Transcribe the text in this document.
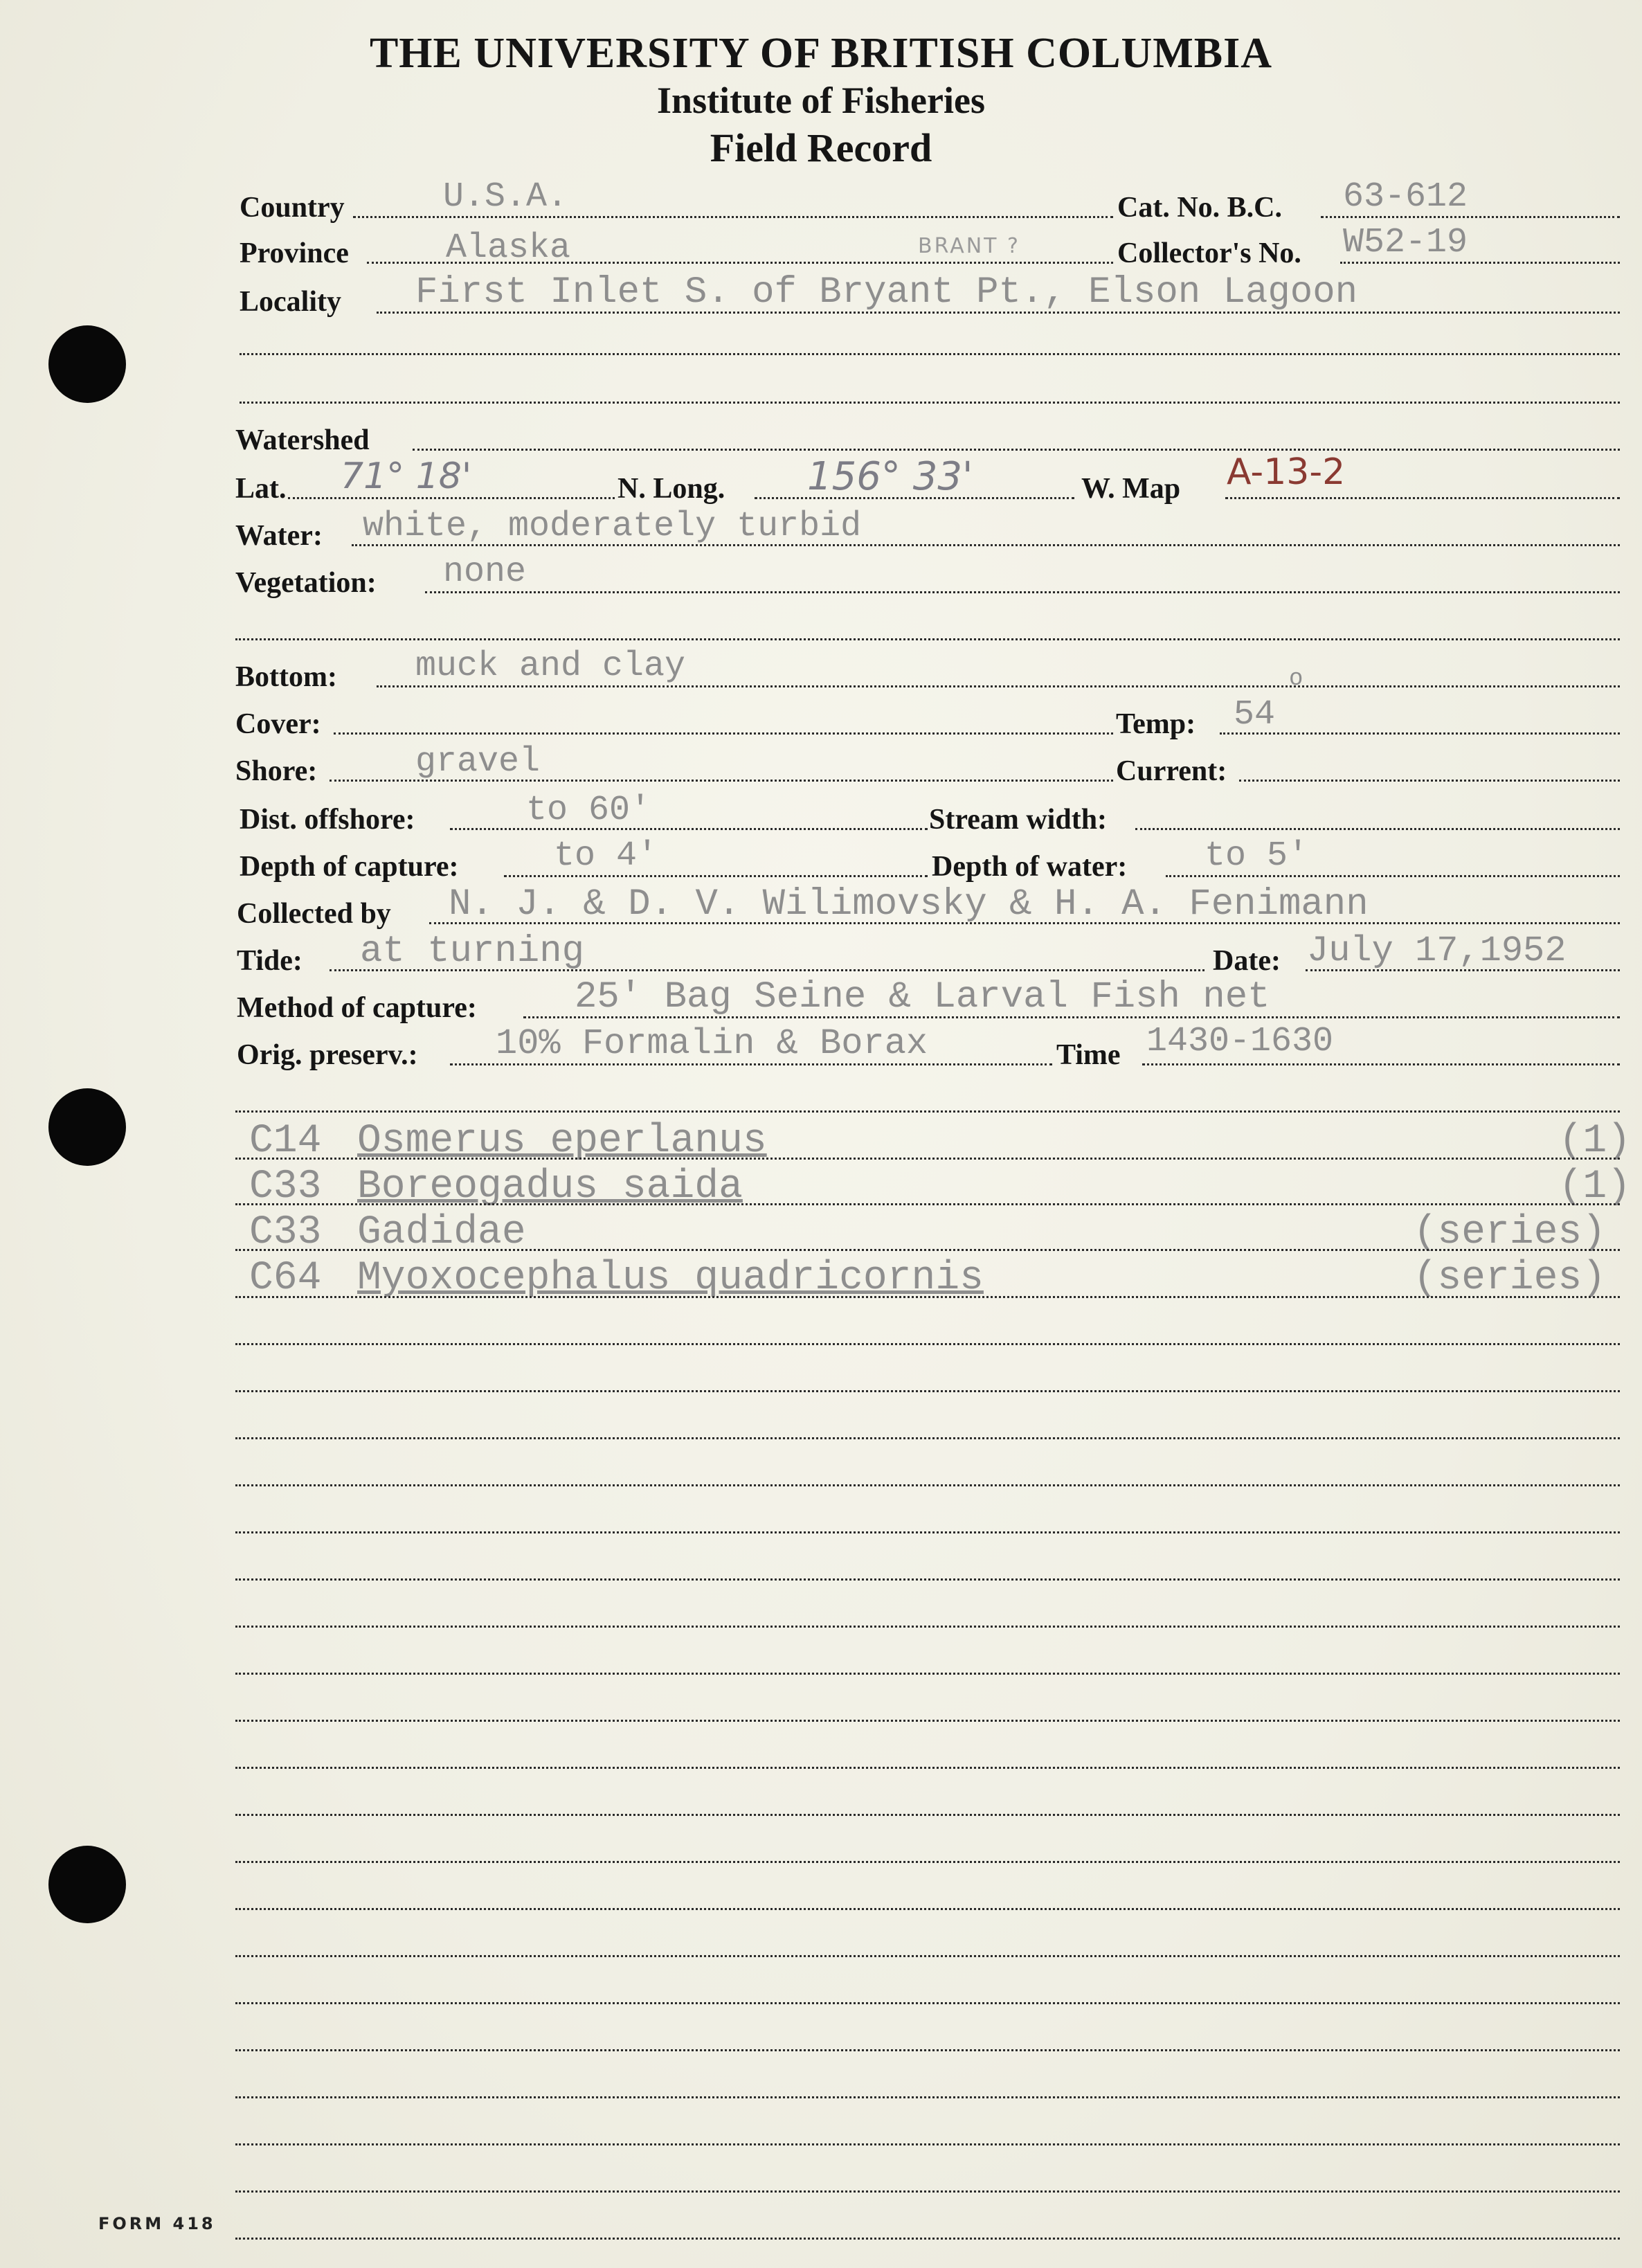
THE UNIVERSITY OF BRITISH COLUMBIA
Institute of Fisheries
Field Record
Country	U.S.A.	Cat. No. B.C. 63-612
Province	Alaska	BRANT ?	Collector's No. W52-19
Locality First Inlet S. of Bryant Pt., Elson Lagoon
Watershed
Lat. 71° 18'	N. Long. 156° 33'	W. Map A-13-2
Water: white, moderately turbid
Vegetation: none
Bottom: muck and clay
Cover:	Temp: 54
o
Shore:	gravel	Current:
Dist. offshore:	to 60'	Stream width:
Depth of capture:	to 4'	Depth of water: to 5'
Collected by N. J. & D. V. Wilimovsky & H. A. Fenimann
Tide: at turning	Date: July 17,1952
Method of capture:	25' Bag Seine & Larval Fish net
Orig. preserv.: 10% Formalin & Borax	Time 1430-1630
C14 Osmerus eperlanus	(1)
C33 Boreogadus saida	(1)
C33 Gadidae	(series)
C64 Myoxocephalus quadricornis	(series)
FORM 418
